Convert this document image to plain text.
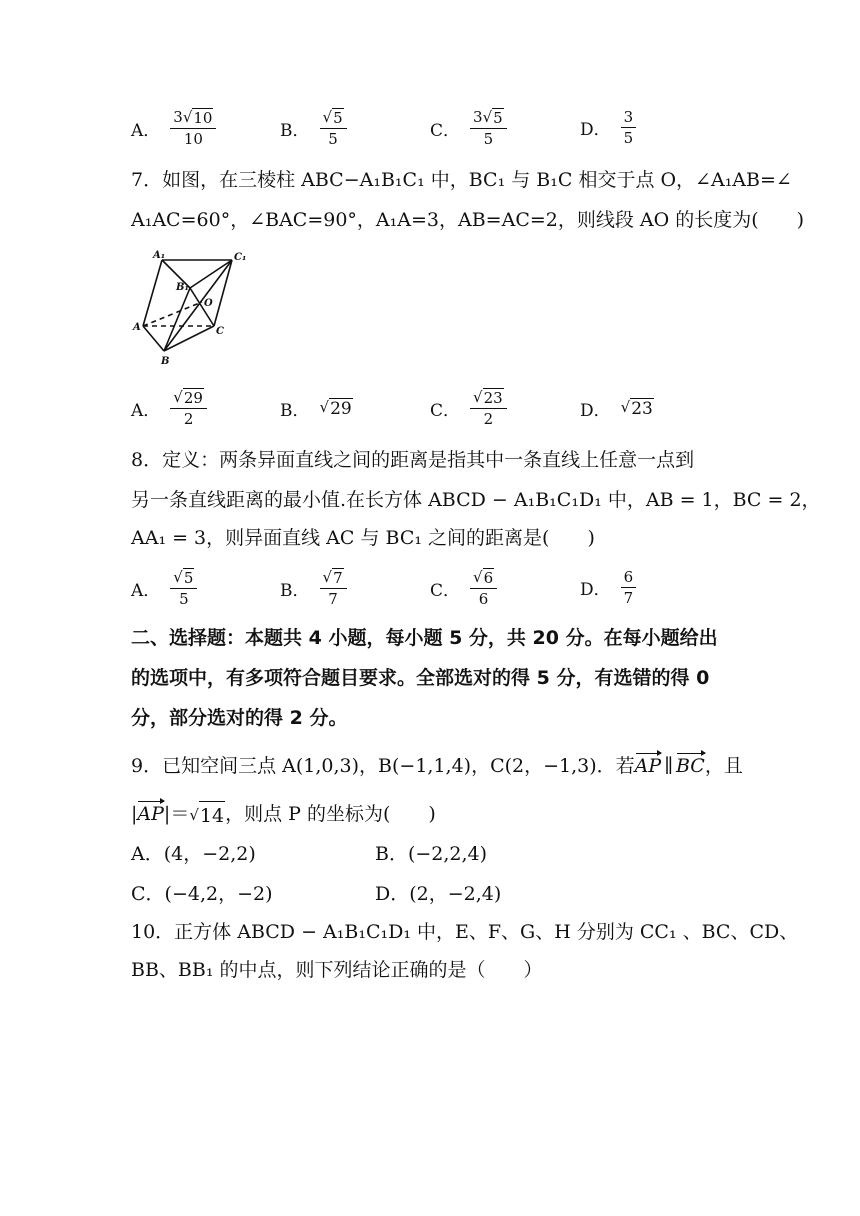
A． $\frac{3 √ 10}{10}$	B． $\frac{√ 5}{5}$	C． $\frac{3 √ 5}{5}$	D． $\frac{3}{5}$
7．如图，在三棱柱 ABC−A₁B₁C₁ 中，BC₁ 与 B₁C 相交于点 O，∠A₁AB=∠
A₁AC=60°，∠BAC=90°，A₁A=3，AB=AC=2，则线段 AO 的长度为(　　)
A₁	C₁
B₁
O
A	C
B
A． $\frac{√ 29}{2}$	B． √ 29	C． $\frac{√ 23}{2}$	D． √ 23
8．定义：两条异面直线之间的距离是指其中一条直线上任意一点到
另一条直线距离的最小值.在长方体 ABCD − A₁B₁C₁D₁ 中，AB = 1，BC = 2，
AA₁ = 3，则异面直线 AC 与 BC₁ 之间的距离是(　　)
A． $\frac{√ 5}{5}$	B． $\frac{√ 7}{7}$	C． $\frac{√ 6}{6}$	D． $\frac{6}{7}$
二、选择题：本题共 4 小题，每小题 5 分，共 20 分。在每小题给出
的选项中，有多项符合题目要求。全部选对的得 5 分，有选错的得 0
分，部分选对的得 2 分。
9．已知空间三点 A(1,0,3)，B(−1,1,4)，C(2，−1,3)．若AP ∥ BC，且
|AP|＝ √ 14 ，则点 P 的坐标为(　　)
A．(4，−2,2)	B．(−2,2,4)
C．(−4,2，−2)	D．(2，−2,4)
10．正方体 ABCD − A₁B₁C₁D₁ 中，E、F、G、H 分别为 CC₁ 、BC、CD、
BB、BB₁ 的中点，则下列结论正确的是（　　）
